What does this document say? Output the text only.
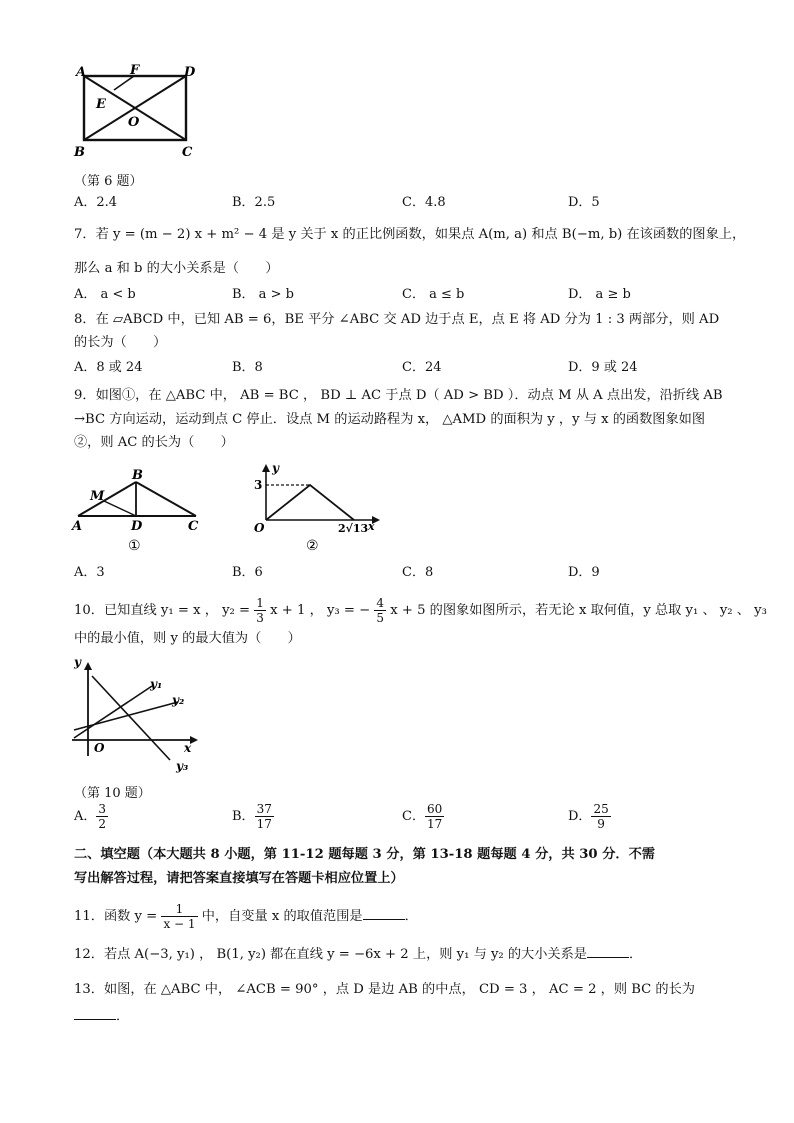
A	F	D
E
O
B	C
（第 6 题）
A．2.4	B．2.5	C．4.8	D．5
7．若 y = (m − 2) x + m² − 4 是 y 关于 x 的正比例函数，如果点 A(m, a) 和点 B(−m, b) 在该函数的图象上，
那么 a 和 b 的大小关系是（　　）
A． a < b	B． a > b	C． a ≤ b	D． a ≥ b
8．在 ▱ABCD 中，已知 AB = 6，BE 平分 ∠ABC 交 AD 边于点 E，点 E 将 AD 分为 1 : 3 两部分，则 AD
的长为（　　）
A．8 或 24	B．8	C．24	D．9 或 24
9．如图①，在 △ABC 中， AB = BC ， BD ⊥ AC 于点 D（ AD > BD ）．动点 M 从 A 点出发，沿折线 AB
→BC 方向运动，运动到点 C 停止．设点 M 的运动路程为 x， △AMD 的面积为 y ，y 与 x 的函数图象如图
②，则 AC 的长为（　　）
B
M
A	D	C
①
y
3
O	2√13 x
②
A．3	B．6	C．8	D．9
10．已知直线 y₁ = x ， $y_2 = \frac{1}{3}$ x + 1 ， y₃ = − $\frac{4}{5}$ x + 5 的图象如图所示，若无论 x 取何值，y 总取 y₁ 、 y₂ 、 y₃
中的最小值，则 y 的最大值为（　　）
y
y₁
y₂
y₃
O	x
（第 10 题）
A． $\frac{3}{2}$	B． $\frac{37}{17}$	C． $\frac{60}{17}$	D． $\frac{25}{9}$
二、填空题（本大题共 8 小题，第 11-12 题每题 3 分，第 13-18 题每题 4 分，共 30 分．不需
写出解答过程，请把答案直接填写在答题卡相应位置上）
11．函数 $y = \frac{1}{x - 1}$ 中，自变量 x 的取值范围是	．
12．若点 A(−3, y₁) ， B(1, y₂) 都在直线 y = −6x + 2 上，则 y₁ 与 y₂ 的大小关系是	．
13．如图，在 △ABC 中， ∠ACB = 90° ，点 D 是边 AB 的中点， CD = 3 ， AC = 2 ，则 BC 的长为
．
